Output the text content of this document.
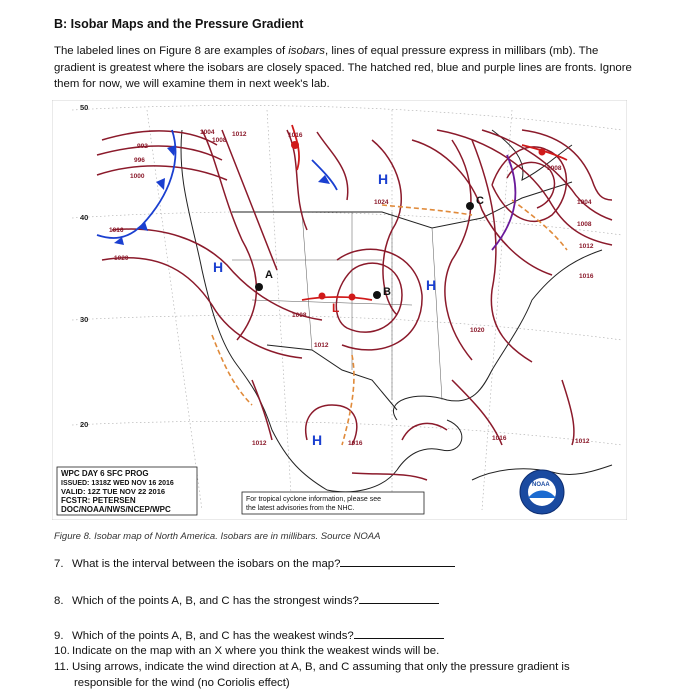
B: Isobar Maps and the Pressure Gradient
The labeled lines on Figure 8 are examples of isobars, lines of equal pressure express in millibars (mb). The gradient is greatest where the isobars are closely spaced. The hatched red, blue and purple lines are fronts. Ignore them for now, we will examine them in next week's lab.
50
40
30
20
992
996
1000
1004
1008
1012	1016
1016
1020
1024	1004
1008
1012
1016
1008
1012
1020
1012	1016
1016	1012
1008
H
H
H
H
L
A
B
C
WPC DAY 6 SFC PROG
ISSUED: 1318Z WED NOV 16 2016
VALID: 12Z TUE NOV 22 2016
FCSTR: PETERSEN
DOC/NOAA/NWS/NCEP/WPC
For tropical cyclone information, please see
the latest advisories from the NHC.
NOAA
Figure 8. Isobar map of North America. Isobars are in millibars. Source NOAA
7. What is the interval between the isobars on the map?
8. Which of the points A, B, and C has the strongest winds?
9. Which of the points A, B, and C has the weakest winds?
10. Indicate on the map with an X where you think the weakest winds will be.
11. Using arrows, indicate the wind direction at A, B, and C assuming that only the pressure gradient is
responsible for the wind (no Coriolis effect)
